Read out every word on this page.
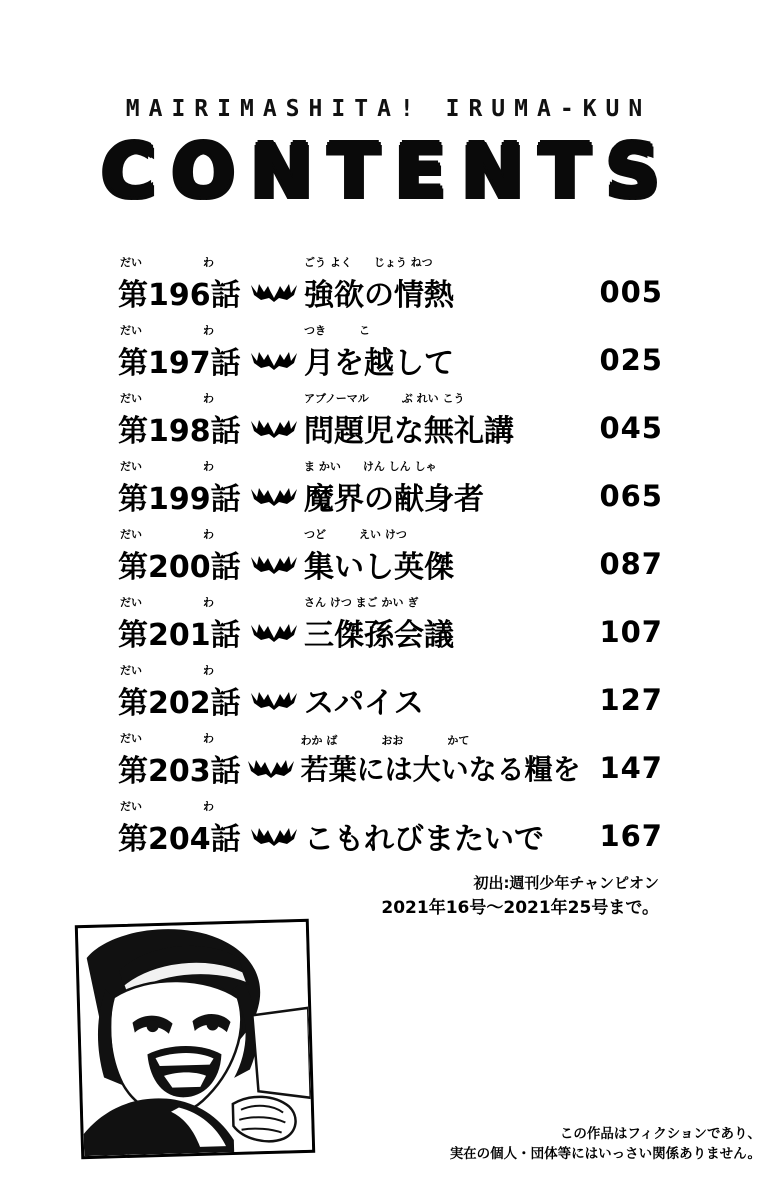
MAIRIMASHITA! IRUMA-KUN
CONTENTS
だい	わ
第196話
ごう よく　　じょう ねつ
強欲の情熱	005
だい	わ
第197話
つき　　　こ
月を越して	025
だい	わ
第198話
アブノーマル　　　ぶ れい こう
問題児な無礼講	045
だい	わ
第199話
ま かい　　けん しん しゃ
魔界の献身者	065
だい	わ
第200話
つど　　　えい けつ
集いし英傑	087
だい	わ
第201話
さん けつ まご かい ぎ
三傑孫会議	107
だい	わ
第202話 スパイス	127
だい	わ
第203話
わか ば　　　　おお　　　　かて
若葉には大いなる糧を 147
だい	わ
第204話 こもれびまたいで	167
初出:週刊少年チャンピオン
2021年16号〜2021年25号まで。
この作品はフィクションであり、
実在の個人・団体等にはいっさい関係ありません。
